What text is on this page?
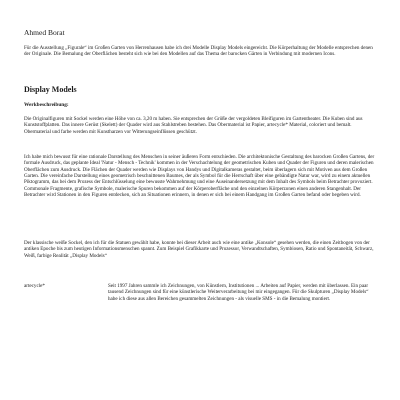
Ahmed Borat
Für die Ausstellung „Figurale“ im Großen Garten von Herrenhausen habe ich drei Modelle Display Models eingereicht. Die Körperhaltung der Modelle entsprechen denen der Originale. Die Bemalung der Oberflächen besteht sich wie bei den Modellen auf das Thema der barocken Gärten in Verbindung mit modernen Icons.
Display Models
Werkbeschreibung:
Die Originalfiguren mit Sockel werden eine Höhe von ca. 3,20 m haben. Sie entsprechen der Größe der vergoldeten Bleifiguren im Gartentheater. Die Kuben sind aus Kunststoffplatten. Das innere Gerüst (Skelett) der Quader wird aus Stahlstreben bestehen. Das Obermaterial ist Papier, artecycle* Material, coloriert und bemalt. Obermaterial und farbe werden mit Kunstharzen vor Witterungseinflüssen geschützt.
Ich habe mich bewusst für eine rationale Darstellung des Menschen in seiner äußeren Form entschieden. Die architektonische Gestaltung des barocken Großen Gartens, der formale Ausdruck, das geplante Ideal 'Natur - Mensch - Technik' kommen in der Verschachtelung der geometrischen Kuben und Quader der Figuren und deren malerischen Oberflächen zum Ausdruck. Die Flächen der Quader werden wie Displays von Handys und Digitalkameras gestaltet, beim überlagern sich mit Motiven aus dem Großen Garten. Die vereinfache Darstellung eines geometrisch beschnittenen Baumes, der als Symbol für die Herrschaft über eine gebändigte Natur war, wird zu einem aktuellen Piktogramm, das bei dem Prozess der Entschlüsselung eine bewusste Wahrnehmung und eine Auseinandersetzung mit dem Inhalt des Symbols beim Betrachter provoziert. Commonale Fragmente, grafische Symbole, malerische Spuren bekommen auf der Körperoberfläche und den einzelnen Körperzonen einen anderen Stangenhalt. Der Betrachter wird Stationen in den Figuren entdecken, sich an Situationen erinnern, in denen er sich bei einem Handgang im Großen Garten befand oder begeben wird.
Der klassische weiße Sockel, den ich für die Statuen gewählt habe, konnte bei dieser Arbeit auch wie eine antike „Konsole“ gesehen werden, die einen Zeitbogen von der antiken Epoche bis zum heutigen Informationsmenschen spannt. Zum Beispiel Grafikkarte und Prozessor, Verwandtschaften, Symbiosen, Ratio und Spontaneität, Schwarz, Weiß, farbige Realität „Display Models“
artecycle*	Seit 1997 Jahren sammle ich Zeichnungen, von Künstlern, Institutionen ... Arbeiten auf Papier, werden mit überlassen. Ein paar tausend Zeichnungen sind für eine künstlerische Weiterverarbeitung bei mir eingegangen. Für die Skulpturen „Display Models“ habe ich diese aus allen Bereichen gesammelten Zeichnungen - als visuelle SMS - in die Bemalung montiert.
